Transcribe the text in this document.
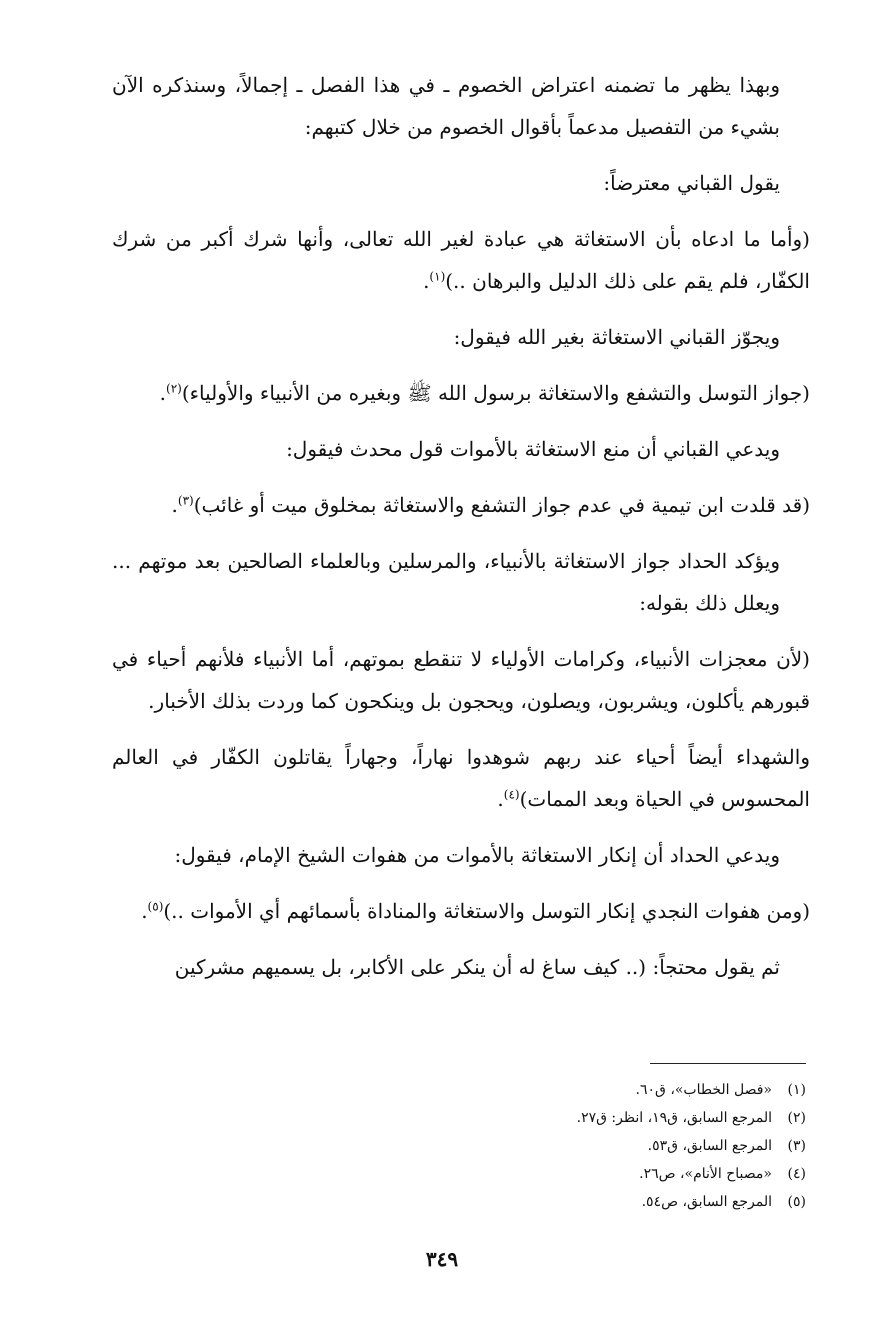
وبهذا يظهر ما تضمنه اعتراض الخصوم ـ في هذا الفصل ـ إجمالاً، وسنذكره الآن بشيء من التفصيل مدعماً بأقوال الخصوم من خلال كتبهم:

يقول القباني معترضاً:

(وأما ما ادعاه بأن الاستغاثة هي عبادة لغير الله تعالى، وأنها شرك أكبر من شرك الكفّار، فلم يقم على ذلك الدليل والبرهان ..)$^{(١)}$.

ويجوّز القباني الاستغاثة بغير الله فيقول:

(جواز التوسل والتشفع والاستغاثة برسول الله ﷺ وبغيره من الأنبياء والأولياء)$^{(٢)}$.

ويدعي القباني أن منع الاستغاثة بالأموات قول محدث فيقول:

(قد قلدت ابن تيمية في عدم جواز التشفع والاستغاثة بمخلوق ميت أو غائب)$^{(٣)}$.

ويؤكد الحداد جواز الاستغاثة بالأنبياء، والمرسلين وبالعلماء الصالحين بعد موتهم ... ويعلل ذلك بقوله:

(لأن معجزات الأنبياء، وكرامات الأولياء لا تنقطع بموتهم، أما الأنبياء فلأنهم أحياء في قبورهم يأكلون، ويشربون، ويصلون، ويحجون بل وينكحون كما وردت بذلك الأخبار.

والشهداء أيضاً أحياء عند ربهم شوهدوا نهاراً، وجهاراً يقاتلون الكفّار في العالم المحسوس في الحياة وبعد الممات)$^{(٤)}$.

ويدعي الحداد أن إنكار الاستغاثة بالأموات من هفوات الشيخ الإمام، فيقول:

(ومن هفوات النجدي إنكار التوسل والاستغاثة والمناداة بأسمائهم أي الأموات ..)$^{(٥)}$.

ثم يقول محتجاً: (.. كيف ساغ له أن ينكر على الأكابر، بل يسميهم مشركين

(١)«فصل الخطاب»، ق٦٠.
(٢)المرجع السابق، ق١٩، انظر: ق٢٧.
(٣)المرجع السابق، ق٥٣.
(٤)«مصباح الأنام»، ص٢٦.
(٥)المرجع السابق، ص٥٤.
٣٤٩
